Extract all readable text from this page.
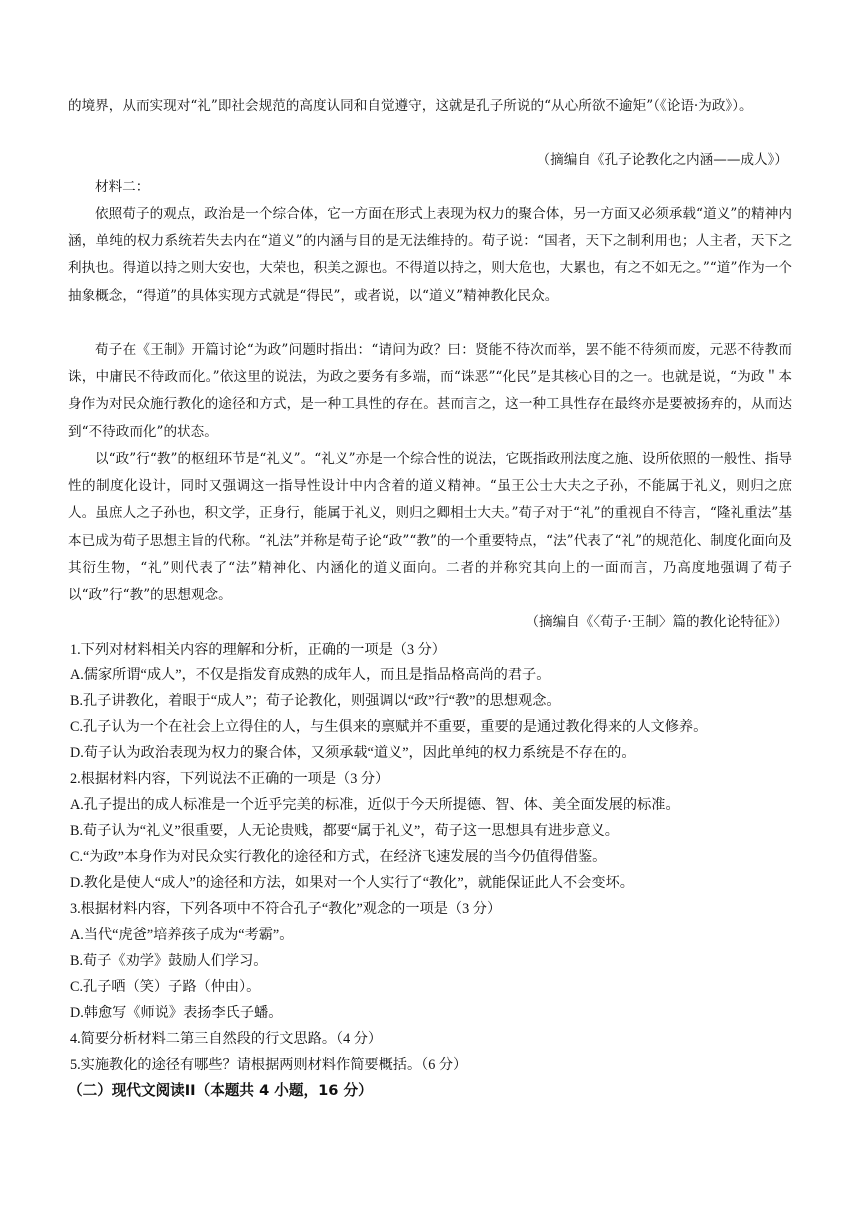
的境界，从而实现对“礼”即社会规范的高度认同和自觉遵守，这就是孔子所说的“从心所欲不逾矩”（《论语·为政》）。
（摘编自《孔子论教化之内涵——成人》）
材料二：
依照荀子的观点，政治是一个综合体，它一方面在形式上表现为权力的聚合体，另一方面又必须承载“道义”的精神内涵，单纯的权力系统若失去内在“道义”的内涵与目的是无法维持的。荀子说：“国者，天下之制利用也；人主者，天下之利执也。得道以持之则大安也，大荣也，积美之源也。不得道以持之，则大危也，大累也，有之不如无之。”“道”作为一个抽象概念，“得道”的具体实现方式就是“得民”，或者说，以“道义”精神教化民众。
荀子在《王制》开篇讨论“为政”问题时指出：“请问为政？曰：贤能不待次而举，罢不能不待须而废，元恶不待教而诛，中庸民不待政而化。”依这里的说法，为政之要务有多端，而“诛恶”“化民”是其核心目的之一。也就是说，“为政＂本身作为对民众施行教化的途径和方式，是一种工具性的存在。甚而言之，这一种工具性存在最终亦是要被扬弃的，从而达到“不待政而化”的状态。
以“政”行“教”的枢纽环节是“礼义”。“礼义”亦是一个综合性的说法，它既指政刑法度之施、设所依照的一般性、指导性的制度化设计，同时又强调这一指导性设计中内含着的道义精神。“虽王公士大夫之子孙，不能属于礼义，则归之庶人。虽庶人之子孙也，积文学，正身行，能属于礼义，则归之卿相士大夫。”荀子对于“礼”的重视自不待言，“隆礼重法”基本已成为荀子思想主旨的代称。“礼法”并称是荀子论“政”“教”的一个重要特点，“法”代表了“礼”的规范化、制度化面向及其衍生物，“礼”则代表了“法”精神化、内涵化的道义面向。二者的并称究其向上的一面而言，乃高度地强调了荀子以“政”行“教”的思想观念。
（摘编自《〈荀子·王制〉篇的教化论特征》）
1.下列对材料相关内容的理解和分析，正确的一项是（3 分）
A.儒家所谓“成人”，不仅是指发育成熟的成年人，而且是指品格高尚的君子。
B.孔子讲教化，着眼于“成人”；荀子论教化，则强调以“政”行“教”的思想观念。
C.孔子认为一个在社会上立得住的人，与生俱来的禀赋并不重要，重要的是通过教化得来的人文修养。
D.荀子认为政治表现为权力的聚合体，又须承载“道义”，因此单纯的权力系统是不存在的。
2.根据材料内容，下列说法不正确的一项是（3 分）
A.孔子提出的成人标准是一个近乎完美的标准，近似于今天所提德、智、体、美全面发展的标准。
B.荀子认为“礼义”很重要，人无论贵贱，都要“属于礼义”，荀子这一思想具有进步意义。
C.“为政”本身作为对民众实行教化的途径和方式，在经济飞速发展的当今仍值得借鉴。
D.教化是使人“成人”的途径和方法，如果对一个人实行了“教化”，就能保证此人不会变坏。
3.根据材料内容，下列各项中不符合孔子“教化”观念的一项是（3 分）
A.当代“虎爸”培养孩子成为“考霸”。
B.荀子《劝学》鼓励人们学习。
C.孔子哂（笑）子路（仲由）。
D.韩愈写《师说》表扬李氏子蟠。
4.简要分析材料二第三自然段的行文思路。（4 分）
5.实施教化的途径有哪些？请根据两则材料作简要概括。（6 分）
（二）现代文阅读II（本题共 4 小题，16 分）
